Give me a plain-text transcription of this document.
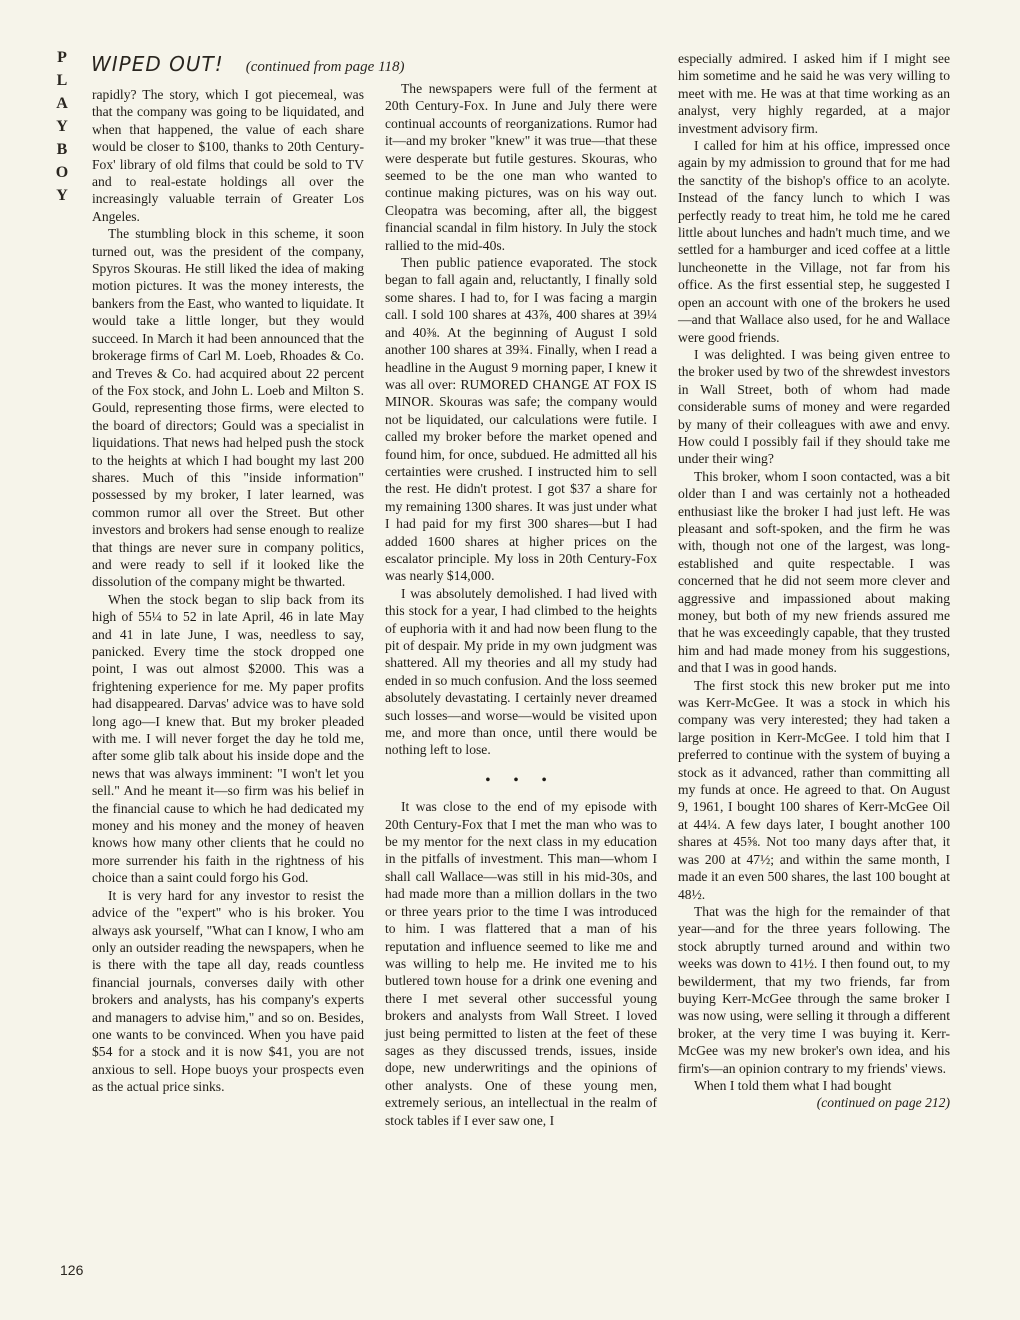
P
L
A
Y
B
O
Y
WIPED OUT! (continued from page 118)

rapidly? The story, which I got piecemeal, was that the company was going to be liquidated, and when that happened, the value of each share would be closer to $100, thanks to 20th Century-Fox' library of old films that could be sold to TV and to real-estate holdings all over the increasingly valuable terrain of Greater Los Angeles.

The stumbling block in this scheme, it soon turned out, was the president of the company, Spyros Skouras. He still liked the idea of making motion pictures. It was the money interests, the bankers from the East, who wanted to liquidate. It would take a little longer, but they would succeed. In March it had been announced that the brokerage firms of Carl M. Loeb, Rhoades & Co. and Treves & Co. had acquired about 22 percent of the Fox stock, and John L. Loeb and Milton S. Gould, representing those firms, were elected to the board of directors; Gould was a specialist in liquidations. That news had helped push the stock to the heights at which I had bought my last 200 shares. Much of this "inside information" possessed by my broker, I later learned, was common rumor all over the Street. But other investors and brokers had sense enough to realize that things are never sure in company politics, and were ready to sell if it looked like the dissolution of the company might be thwarted.

When the stock began to slip back from its high of 55¼ to 52 in late April, 46 in late May and 41 in late June, I was, needless to say, panicked. Every time the stock dropped one point, I was out almost $2000. This was a frightening experience for me. My paper profits had disappeared. Darvas' advice was to have sold long ago—I knew that. But my broker pleaded with me. I will never forget the day he told me, after some glib talk about his inside dope and the news that was always imminent: "I won't let you sell." And he meant it—so firm was his belief in the financial cause to which he had dedicated my money and his money and the money of heaven knows how many other clients that he could no more surrender his faith in the rightness of his choice than a saint could forgo his God.

It is very hard for any investor to resist the advice of the "expert" who is his broker. You always ask yourself, "What can I know, I who am only an outsider reading the newspapers, when he is there with the tape all day, reads countless financial journals, converses daily with other brokers and analysts, has his company's experts and managers to advise him," and so on. Besides, one wants to be convinced. When you have paid $54 for a stock and it is now $41, you are not anxious to sell. Hope buoys your prospects even as the actual price sinks.

The newspapers were full of the ferment at 20th Century-Fox. In June and July there were continual accounts of reorganizations. Rumor had it—and my broker "knew" it was true—that these were desperate but futile gestures. Skouras, who seemed to be the one man who wanted to continue making pictures, was on his way out. Cleopatra was becoming, after all, the biggest financial scandal in film history. In July the stock rallied to the mid-40s.

Then public patience evaporated. The stock began to fall again and, reluctantly, I finally sold some shares. I had to, for I was facing a margin call. I sold 100 shares at 43⅞, 400 shares at 39¼ and 40⅜. At the beginning of August I sold another 100 shares at 39¾. Finally, when I read a headline in the August 9 morning paper, I knew it was all over: RUMORED CHANGE AT FOX IS MINOR. Skouras was safe; the company would not be liquidated, our calculations were futile. I called my broker before the market opened and found him, for once, subdued. He admitted all his certainties were crushed. I instructed him to sell the rest. He didn't protest. I got $37 a share for my remaining 1300 shares. It was just under what I had paid for my first 300 shares—but I had added 1600 shares at higher prices on the escalator principle. My loss in 20th Century-Fox was nearly $14,000.

I was absolutely demolished. I had lived with this stock for a year, I had climbed to the heights of euphoria with it and had now been flung to the pit of despair. My pride in my own judgment was shattered. All my theories and all my study had ended in so much confusion. And the loss seemed absolutely devastating. I certainly never dreamed such losses—and worse—would be visited upon me, and more than once, until there would be nothing left to lose.

• • •

It was close to the end of my episode with 20th Century-Fox that I met the man who was to be my mentor for the next class in my education in the pitfalls of investment. This man—whom I shall call Wallace—was still in his mid-30s, and had made more than a million dollars in the two or three years prior to the time I was introduced to him. I was flattered that a man of his reputation and influence seemed to like me and was willing to help me. He invited me to his butlered town house for a drink one evening and there I met several other successful young brokers and analysts from Wall Street. I loved just being permitted to listen at the feet of these sages as they discussed trends, issues, inside dope, new underwritings and the opinions of other analysts. One of these young men, extremely serious, an intellectual in the realm of stock tables if I ever saw one, I

especially admired. I asked him if I might see him sometime and he said he was very willing to meet with me. He was at that time working as an analyst, very highly regarded, at a major investment advisory firm.

I called for him at his office, impressed once again by my admission to ground that for me had the sanctity of the bishop's office to an acolyte. Instead of the fancy lunch to which I was perfectly ready to treat him, he told me he cared little about lunches and hadn't much time, and we settled for a hamburger and iced coffee at a little luncheonette in the Village, not far from his office. As the first essential step, he suggested I open an account with one of the brokers he used—and that Wallace also used, for he and Wallace were good friends.

I was delighted. I was being given entree to the broker used by two of the shrewdest investors in Wall Street, both of whom had made considerable sums of money and were regarded by many of their colleagues with awe and envy. How could I possibly fail if they should take me under their wing?

This broker, whom I soon contacted, was a bit older than I and was certainly not a hotheaded enthusiast like the broker I had just left. He was pleasant and soft-spoken, and the firm he was with, though not one of the largest, was long-established and quite respectable. I was concerned that he did not seem more clever and aggressive and impassioned about making money, but both of my new friends assured me that he was exceedingly capable, that they trusted him and had made money from his suggestions, and that I was in good hands.

The first stock this new broker put me into was Kerr-McGee. It was a stock in which his company was very interested; they had taken a large position in Kerr-McGee. I told him that I preferred to continue with the system of buying a stock as it advanced, rather than committing all my funds at once. He agreed to that. On August 9, 1961, I bought 100 shares of Kerr-McGee Oil at 44¼. A few days later, I bought another 100 shares at 45⅝. Not too many days after that, it was 200 at 47½; and within the same month, I made it an even 500 shares, the last 100 bought at 48½.

That was the high for the remainder of that year—and for the three years following. The stock abruptly turned around and within two weeks was down to 41½. I then found out, to my bewilderment, that my two friends, far from buying Kerr-McGee through the same broker I was now using, were selling it through a different broker, at the very time I was buying it. Kerr-McGee was my new broker's own idea, and his firm's—an opinion contrary to my friends' views.

When I told them what I had bought

(continued on page 212)
126
